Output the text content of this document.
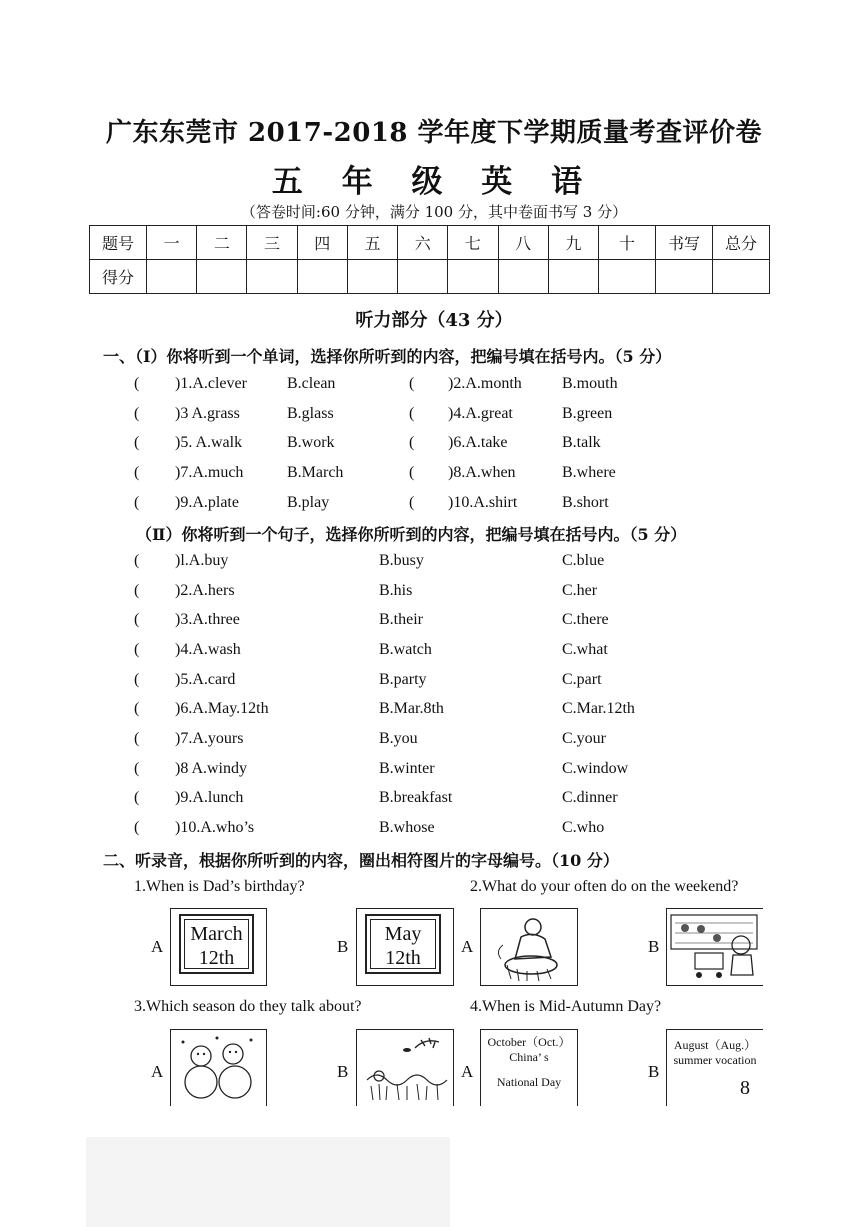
广东东莞市 2017-2018 学年度下学期质量考查评价卷
五 年 级 英 语
（答卷时间:60 分钟，满分 100 分，其中卷面书写 3 分）
题号	一	二	三	四	五	六	七	八	九	十	书写	总分
得分												
听力部分（43 分）
一、（Ⅰ）你将听到一个单词，选择你所听到的内容，把编号填在括号内。（5 分）
( )1.A.clever	B.clean	( )2.A.month	B.mouth
( )3 A.grass	B.glass	( )4.A.great	B.green
( )5. A.walk	B.work	( )6.A.take	B.talk
( )7.A.much	B.March	( )8.A.when	B.where
( )9.A.plate	B.play	( )10.A.shirt	B.short
（Ⅱ）你将听到一个句子，选择你所听到的内容，把编号填在括号内。（5 分）
( )l.A.buy	B.busy	C.blue
( )2.A.hers	B.his	C.her
( )3.A.three	B.their	C.there
( )4.A.wash	B.watch	C.what
( )5.A.card	B.party	C.part
( )6.A.May.12th	B.Mar.8th	C.Mar.12th
( )7.A.yours	B.you	C.your
( )8 A.windy	B.winter	C.window
( )9.A.lunch	B.breakfast	C.dinner
( )10.A.who’s	B.whose	C.who
二、听录音，根据你所听到的内容，圈出相符图片的字母编号。（10 分）
1.When is Dad’s birthday?	2.What do your often do on the weekend?
A
March
12th
B
May
12th
A	B
3.Which season do they talk about?	4.When is Mid-Autumn Day?
A	B	A
October（Oct.）
China’ s
National Day
B
August（Aug.）
summer vocation
8
